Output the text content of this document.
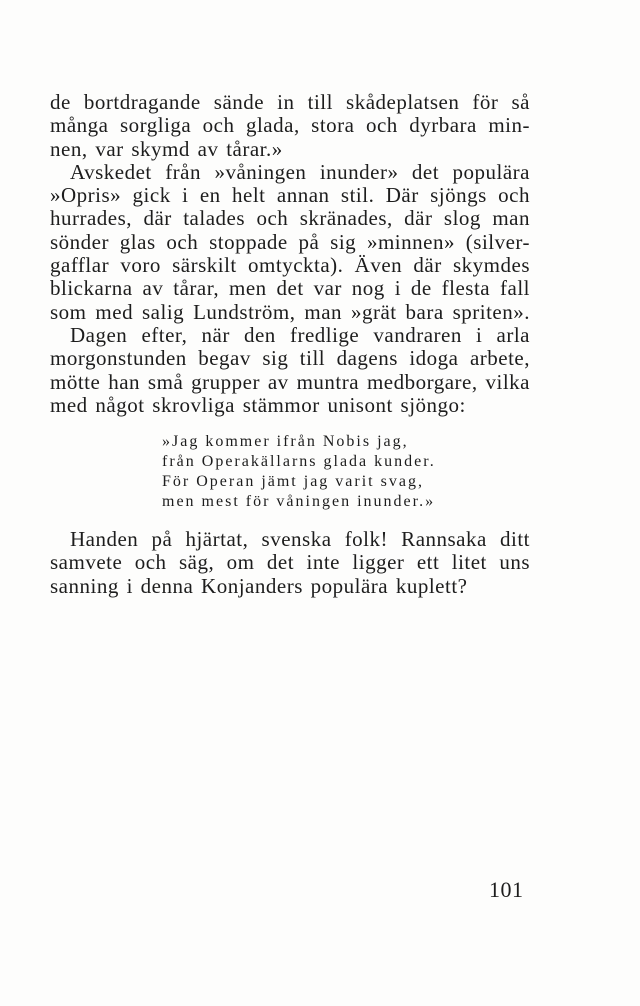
de bortdragande sände in till skådeplatsen för så
många sorgliga och glada, stora och dyrbara min-
nen, var skymd av tårar.»
Avskedet från »våningen inunder» det populära
»Opris» gick i en helt annan stil. Där sjöngs och
hurrades, där talades och skränades, där slog man
sönder glas och stoppade på sig »minnen» (silver-
gafflar voro särskilt omtyckta). Även där skymdes
blickarna av tårar, men det var nog i de flesta fall
som med salig Lundström, man »grät bara spriten».
Dagen efter, när den fredlige vandraren i arla
morgonstunden begav sig till dagens idoga arbete,
mötte han små grupper av muntra medborgare, vilka
med något skrovliga stämmor unisont sjöngo:
»Jag kommer ifrån Nobis jag,
från Operakällarns glada kunder.
För Operan jämt jag varit svag,
men mest för våningen inunder.»
Handen på hjärtat, svenska folk! Rannsaka ditt
samvete och säg, om det inte ligger ett litet uns
sanning i denna Konjanders populära kuplett?
101
